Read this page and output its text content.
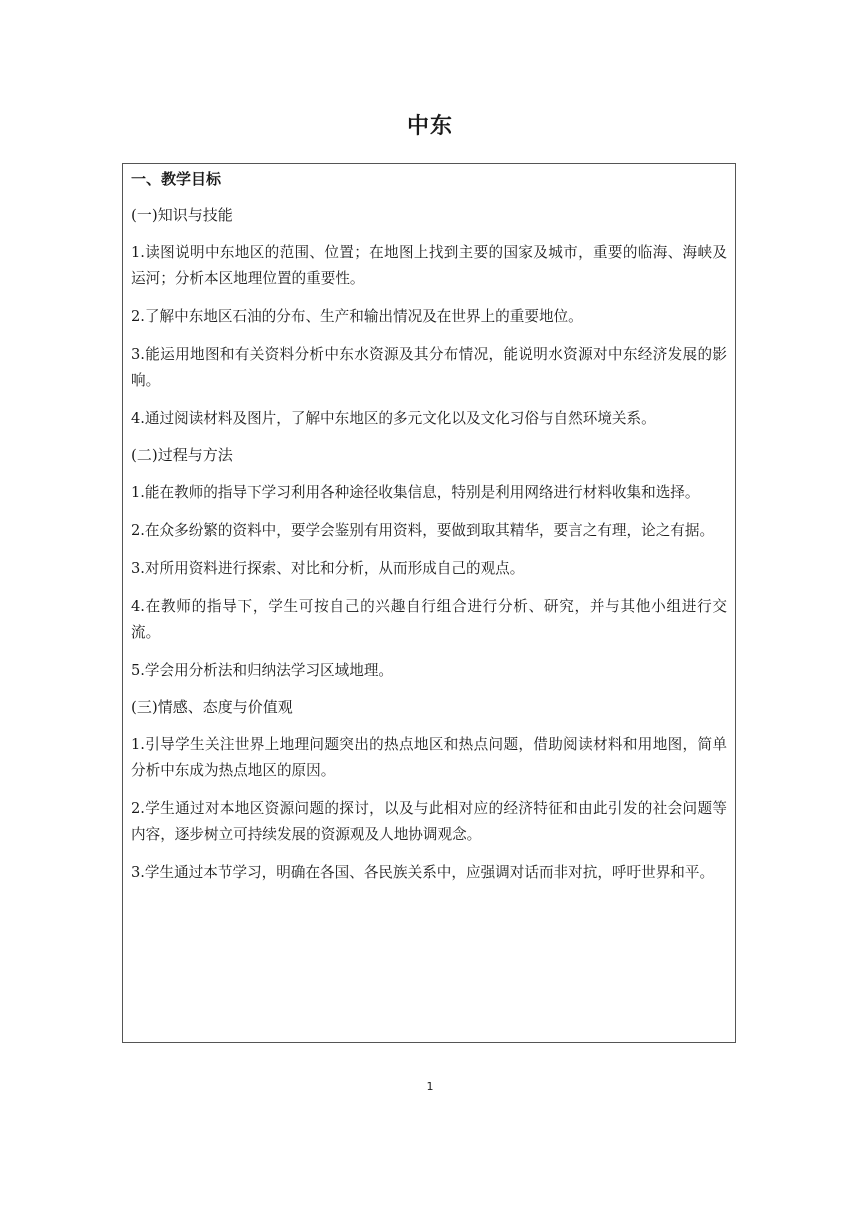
中东
一、教学目标
(一)知识与技能

1.读图说明中东地区的范围、位置；在地图上找到主要的国家及城市，重要的临海、海峡及运河；分析本区地理位置的重要性。

2.了解中东地区石油的分布、生产和输出情况及在世界上的重要地位。

3.能运用地图和有关资料分析中东水资源及其分布情况，能说明水资源对中东经济发展的影响。

4.通过阅读材料及图片，了解中东地区的多元文化以及文化习俗与自然环境关系。

(二)过程与方法

1.能在教师的指导下学习利用各种途径收集信息，特别是利用网络进行材料收集和选择。

2.在众多纷繁的资料中，要学会鉴别有用资料，要做到取其精华，要言之有理，论之有据。

3.对所用资料进行探索、对比和分析，从而形成自己的观点。

4.在教师的指导下，学生可按自己的兴趣自行组合进行分析、研究，并与其他小组进行交流。

5.学会用分析法和归纳法学习区域地理。

(三)情感、态度与价值观

1.引导学生关注世界上地理问题突出的热点地区和热点问题，借助阅读材料和用地图，简单分析中东成为热点地区的原因。

2.学生通过对本地区资源问题的探讨，以及与此相对应的经济特征和由此引发的社会问题等内容，逐步树立可持续发展的资源观及人地协调观念。

3.学生通过本节学习，明确在各国、各民族关系中，应强调对话而非对抗，呼吁世界和平。

1
